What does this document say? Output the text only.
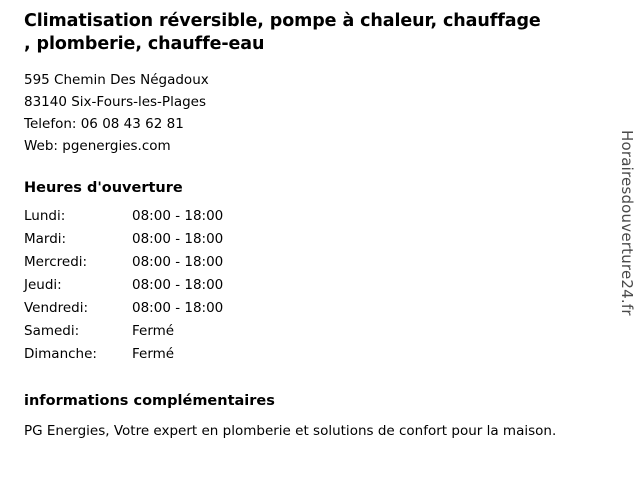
Climatisation réversible, pompe à chaleur, chauffage
, plomberie, chauffe-eau
595 Chemin Des Négadoux
83140 Six-Fours-les-Plages
Telefon: 06 08 43 62 81
Web: pgenergies.com
Heures d'ouverture
Lundi:	08:00 - 18:00
Mardi:	08:00 - 18:00
Mercredi:	08:00 - 18:00
Jeudi:	08:00 - 18:00
Vendredi:	08:00 - 18:00
Samedi:	Fermé
Dimanche:	Fermé
informations complémentaires
PG Energies, Votre expert en plomberie et solutions de confort pour la maison.
Horairesdouverture24.fr
